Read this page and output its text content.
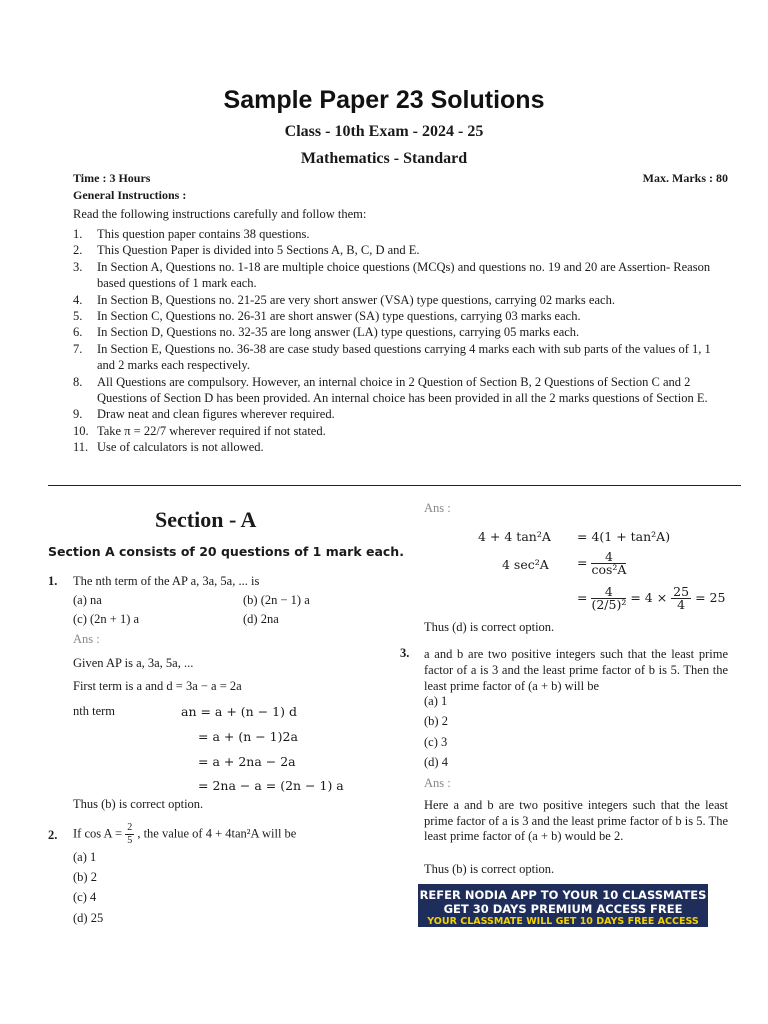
Sample Paper 23 Solutions
Class - 10th Exam - 2024 - 25
Mathematics - Standard
Time : 3 Hours	Max. Marks : 80
General Instructions :
Read the following instructions carefully and follow them:
1. This question paper contains 38 questions.
2. This Question Paper is divided into 5 Sections A, B, C, D and E.
3. In Section A, Questions no. 1-18 are multiple choice questions (MCQs) and questions no. 19 and 20 are Assertion- Reason based questions of 1 mark each.
4. In Section B, Questions no. 21-25 are very short answer (VSA) type questions, carrying 02 marks each.
5. In Section C, Questions no. 26-31 are short answer (SA) type questions, carrying 03 marks each.
6. In Section D, Questions no. 32-35 are long answer (LA) type questions, carrying 05 marks each.
7. In Section E, Questions no. 36-38 are case study based questions carrying 4 marks each with sub parts of the values of 1, 1 and 2 marks each respectively.
8. All Questions are compulsory. However, an internal choice in 2 Question of Section B, 2 Questions of Section C and 2 Questions of Section D has been provided. An internal choice has been provided in all the 2 marks questions of Section E.
9. Draw neat and clean figures wherever required.
10. Take π = 22/7 wherever required if not stated.
11. Use of calculators is not allowed.
Section - A
Section A consists of 20 questions of 1 mark each.
1. The nth term of the AP a, 3a, 5a, ... is
(a) na	(b) (2n − 1) a
(c) (2n + 1) a	(d) 2na
Ans :
Given AP is a, 3a, 5a, ...
First term is a and d = 3a − a = 2a
nth term	an = a + (n − 1) d
= a + (n − 1)2a
= a + 2na − 2a
= 2na − a = (2n − 1) a
Thus (b) is correct option.
2. If $\cos A = \frac{2}{5}$ , the value of 4 + 4tan²A will be
(a) 1
(b) 2
(c) 4
(d) 25
Ans :
4 + 4 tan²A = 4(1 + tan²A)
4 $\sec^2A = \frac{4}{\text{cos²A}}$
= $\frac{4}{\text{(2/5)²}} = 4 \times \frac{25}{4} = 25$
Thus (d) is correct option.
3. a and b are two positive integers such that the least prime factor of a is 3 and the least prime factor of b is 5. Then the least prime factor of (a + b) will be
(a) 1
(b) 2
(c) 3
(d) 4
Ans :
Here a and b are two positive integers such that the least prime factor of a is 3 and the least prime factor of b is 5. The least prime factor of (a + b) would be 2.
Thus (b) is correct option.
REFER NODIA APP TO YOUR 10 CLASSMATES
GET 30 DAYS PREMIUM ACCESS FREE
YOUR CLASSMATE WILL GET 10 DAYS FREE ACCESS
